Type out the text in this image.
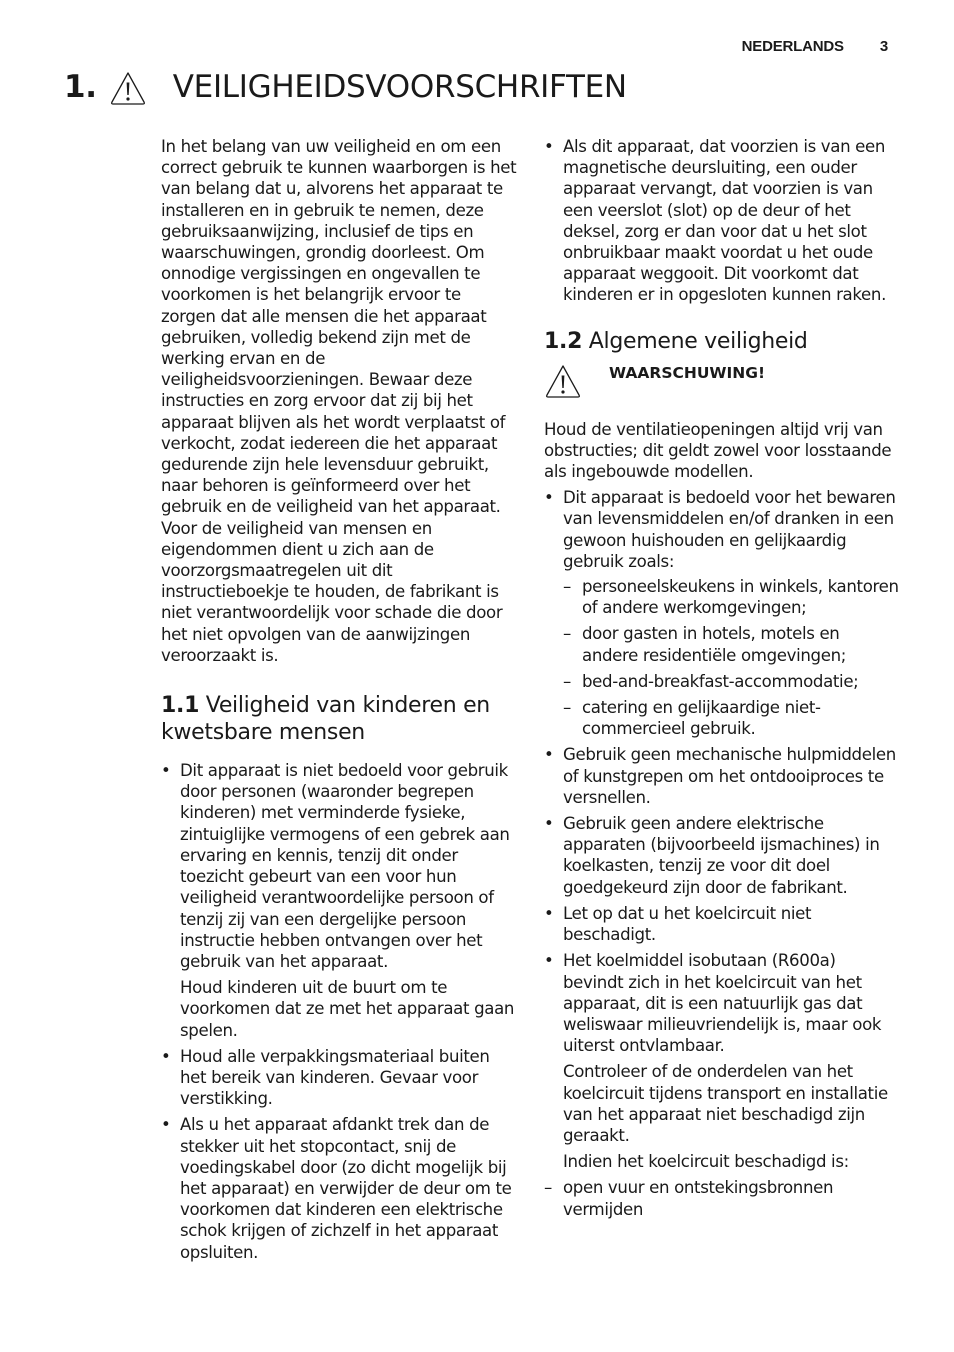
NEDERLANDS 3
1. VEILIGHEIDSVOORSCHRIFTEN

In het belang van uw veiligheid en om een correct gebruik te kunnen waarborgen is het van belang dat u, alvorens het apparaat te installeren en in gebruik te nemen, deze gebruiksaanwijzing, inclusief de tips en waarschuwingen, grondig doorleest. Om onnodige vergissingen en ongevallen te voorkomen is het belangrijk ervoor te zorgen dat alle mensen die het apparaat gebruiken, volledig bekend zijn met de werking ervan en de veiligheidsvoorzieningen. Bewaar deze instructies en zorg ervoor dat zij bij het apparaat blijven als het wordt verplaatst of verkocht, zodat iedereen die het apparaat gedurende zijn hele levensduur gebruikt, naar behoren is geïnformeerd over het gebruik en de veiligheid van het apparaat.

Voor de veiligheid van mensen en eigendommen dient u zich aan de voorzorgsmaatregelen uit dit instructieboekje te houden, de fabrikant is niet verantwoordelijk voor schade die door het niet opvolgen van de aanwijzingen veroorzaakt is.

1.1 Veiligheid van kinderen en kwetsbare mensen

• Dit apparaat is niet bedoeld voor gebruik door personen (waaronder begrepen kinderen) met verminderde fysieke, zintuiglijke vermogens of een gebrek aan ervaring en kennis, tenzij dit onder toezicht gebeurt van een voor hun veiligheid verantwoordelijke persoon of tenzij zij van een dergelijke persoon instructie hebben ontvangen over het gebruik van het apparaat.

Houd kinderen uit de buurt om te voorkomen dat ze met het apparaat gaan spelen.

• Houd alle verpakkingsmateriaal buiten het bereik van kinderen. Gevaar voor verstikking.

• Als u het apparaat afdankt trek dan de stekker uit het stopcontact, snij de voedingskabel door (zo dicht mogelijk bij het apparaat) en verwijder de deur om te voorkomen dat kinderen een elektrische schok krijgen of zichzelf in het apparaat opsluiten.

• Als dit apparaat, dat voorzien is van een magnetische deursluiting, een ouder apparaat vervangt, dat voorzien is van een veerslot (slot) op de deur of het deksel, zorg er dan voor dat u het slot onbruikbaar maakt voordat u het oude apparaat weggooit. Dit voorkomt dat kinderen er in opgesloten kunnen raken.

1.2 Algemene veiligheid
WAARSCHUWING!

Houd de ventilatieopeningen altijd vrij van obstructies; dit geldt zowel voor losstaande als ingebouwde modellen.

• Dit apparaat is bedoeld voor het bewaren van levensmiddelen en/of dranken in een gewoon huishouden en gelijkaardig gebruik zoals:

– personeelskeukens in winkels, kantoren of andere werkomgevingen;
– door gasten in hotels, motels en andere residentiële omgevingen;
– bed-and-breakfast-accommodatie;
– catering en gelijkaardige niet-commercieel gebruik.

• Gebruik geen mechanische hulpmiddelen of kunstgrepen om het ontdooiproces te versnellen.

• Gebruik geen andere elektrische apparaten (bijvoorbeeld ijsmachines) in koelkasten, tenzij ze voor dit doel goedgekeurd zijn door de fabrikant.

• Let op dat u het koelcircuit niet beschadigt.

• Het koelmiddel isobutaan (R600a) bevindt zich in het koelcircuit van het apparaat, dit is een natuurlijk gas dat weliswaar milieuvriendelijk is, maar ook uiterst ontvlambaar.

Controleer of de onderdelen van het koelcircuit tijdens transport en installatie van het apparaat niet beschadigd zijn geraakt.

Indien het koelcircuit beschadigd is:

– open vuur en ontstekingsbronnen vermijden
